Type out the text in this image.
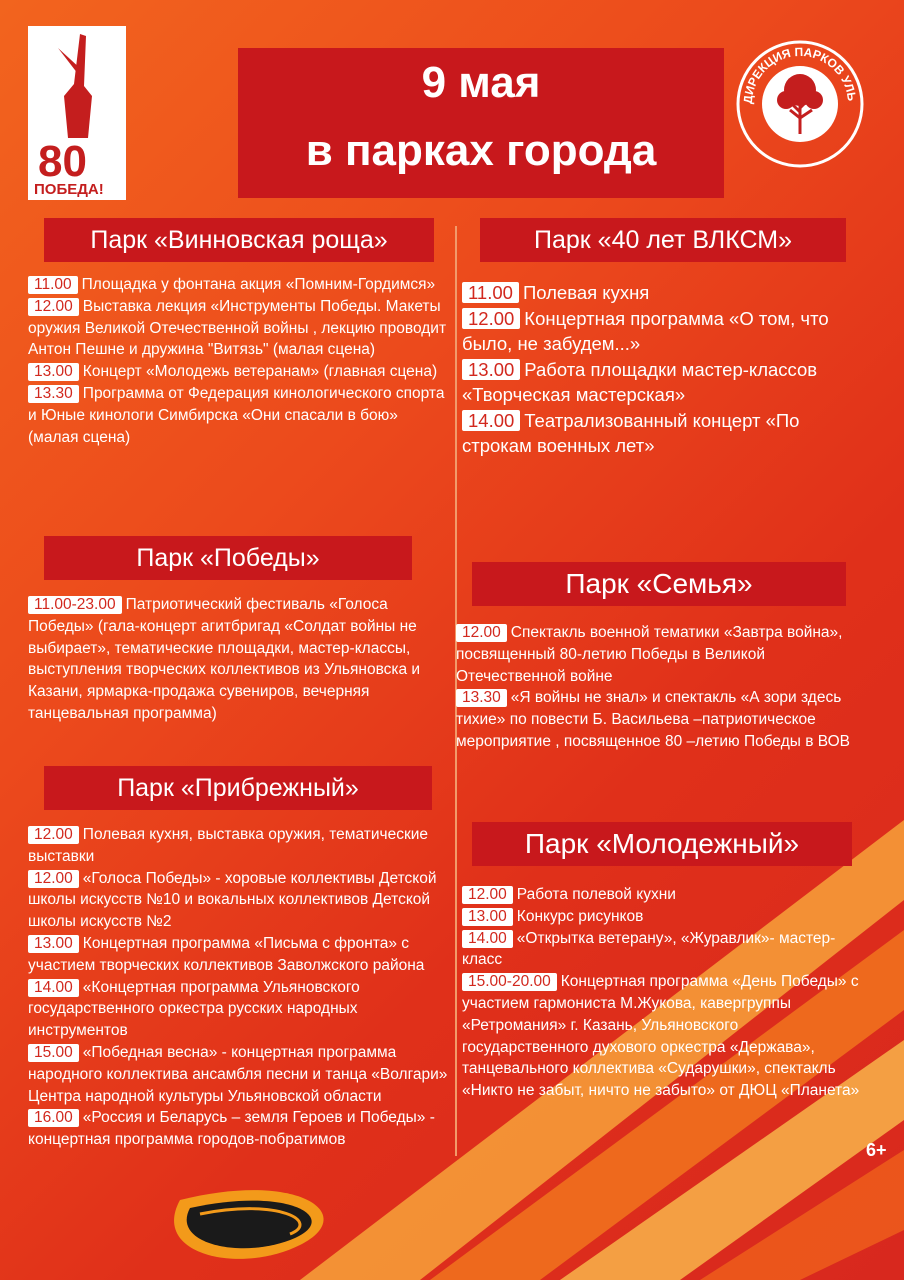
80
ПОБЕДА!
9 мая
в парках города
ДИРЕКЦИЯ ПАРКОВ УЛЬ
Парк «Винновская роща»
11.00 Площадка у фонтана акция «Помним-Гордимся»
12.00 Выставка лекция «Инструменты Победы. Макеты оружия Великой Отечественной войны , лекцию проводит Антон Пешне и дружина "Витязь" (малая сцена)
13.00 Концерт «Молодежь ветеранам» (главная сцена)
13.30 Программа от Федерация кинологического спорта и Юные кинологи Симбирска «Они спасали в бою» (малая сцена)
Парк «Победы»
11.00-23.00 Патриотический фестиваль «Голоса Победы» (гала-концерт агитбригад «Солдат войны не выбирает», тематические площадки, мастер-классы, выступления творческих коллективов из Ульяновска и Казани, ярмарка-продажа сувениров, вечерняя танцевальная программа)
Парк «Прибрежный»
12.00 Полевая кухня, выставка оружия, тематические выставки
12.00 «Голоса Победы» - хоровые коллективы Детской школы искусств №10 и вокальных коллективов Детской школы искусств №2
13.00 Концертная программа «Письма с фронта» с участием творческих коллективов Заволжского района
14.00 «Концертная программа Ульяновского государственного оркестра русских народных инструментов
15.00 «Победная весна» - концертная программа народного коллектива ансамбля песни и танца «Волгари» Центра народной культуры Ульяновской области
16.00 «Россия и Беларусь – земля Героев и Победы» - концертная программа городов-побратимов
Парк «40 лет ВЛКСМ»
11.00 Полевая кухня
12.00 Концертная программа «О том, что было, не забудем...»
13.00 Работа площадки мастер-классов «Творческая мастерская»
14.00 Театрализованный концерт «По строкам военных лет»
Парк «Семья»
12.00 Спектакль военной тематики «Завтра война», посвященный 80-летию Победы в Великой Отечественной войне
13.30 «Я войны не знал» и спектакль «А зори здесь тихие» по повести Б. Васильева –патриотическое мероприятие , посвященное 80 –летию Победы в ВОВ
Парк «Молодежный»
12.00 Работа полевой кухни
13.00 Конкурс рисунков
14.00 «Открытка ветерану», «Журавлик»- мастер-класс
15.00-20.00 Концертная программа «День Победы» с участием гармониста М.Жукова, кавергруппы «Ретромания» г. Казань, Ульяновского государственного духового оркестра «Держава», танцевального коллектива «Сударушки», спектакль «Никто не забыт, ничто не забыто» от ДЮЦ «Планета»
6+
